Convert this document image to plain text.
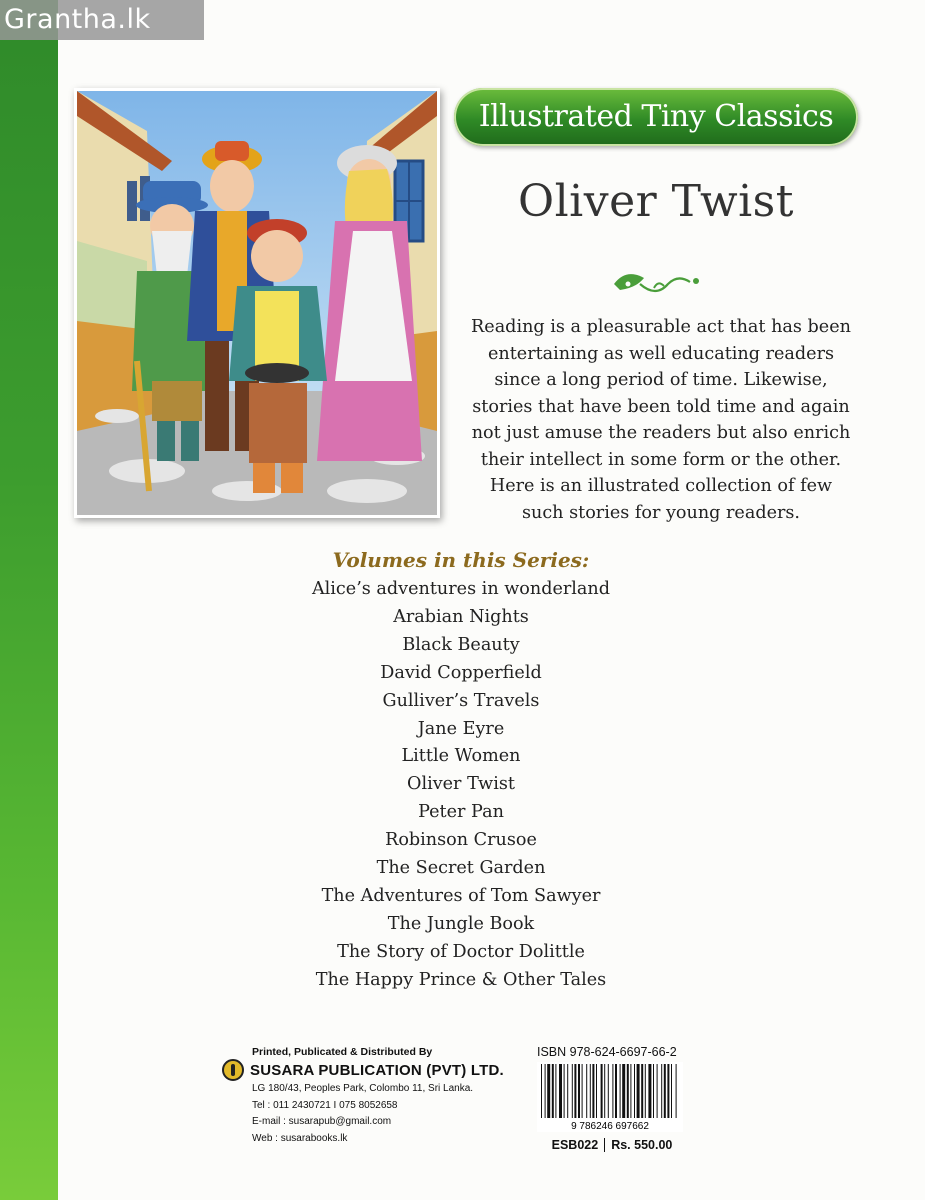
Grantha.lk
Illustrated Tiny Classics
Oliver Twist
Reading is a pleasurable act that has been
entertaining as well educating readers
since a long period of time. Likewise,
stories that have been told time and again
not just amuse the readers but also enrich
their intellect in some form or the other.
Here is an illustrated collection of few
such stories for young readers.
Volumes in this Series:
Alice’s adventures in wonderland
Arabian Nights
Black Beauty
David Copperfield
Gulliver’s Travels
Jane Eyre
Little Women
Oliver Twist
Peter Pan
Robinson Crusoe
The Secret Garden
The Adventures of Tom Sawyer
The Jungle Book
The Story of Doctor Dolittle
The Happy Prince & Other Tales
Printed, Publicated & Distributed By
SUSARA PUBLICATION (PVT) LTD.
LG 180/43, Peoples Park, Colombo 11, Sri Lanka.
Tel : 011 2430721 I 075 8052658
E-mail : susarapub@gmail.com
Web : susarabooks.lk
ISBN 978-624-6697-66-2
9 786246 697662
ESB022 Rs. 550.00
